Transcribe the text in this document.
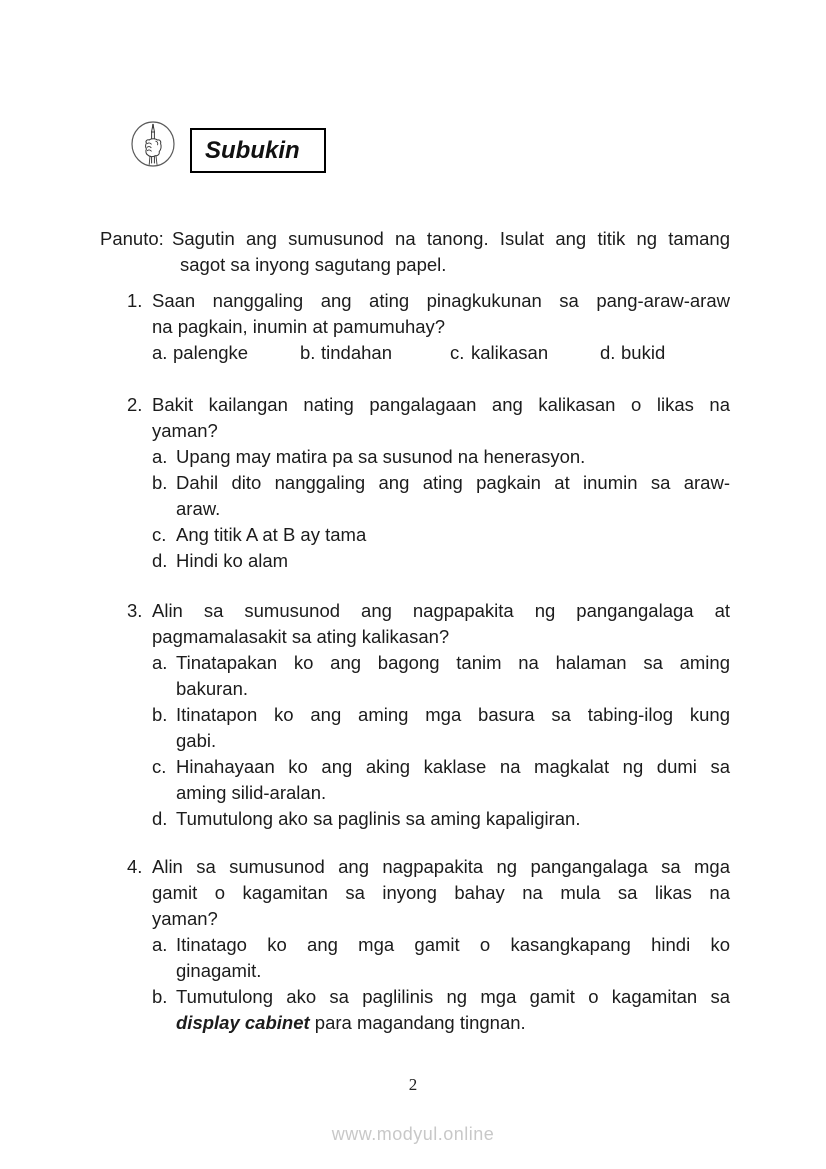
Subukin
Panuto: Sagutin ang sumusunod na tanong. Isulat ang titik ng tamang
sagot sa inyong sagutang papel.
1. Saan nanggaling ang ating pinagkukunan sa pang-araw-araw
na pagkain, inumin at pamumuhay?
a. palengke	b. tindahan	c. kalikasan	d. bukid
2. Bakit kailangan nating pangalagaan ang kalikasan o likas na
yaman?
a. Upang may matira pa sa susunod na henerasyon.
b. Dahil dito nanggaling ang ating pagkain at inumin sa araw-
araw.
c. Ang titik A at B ay tama
d. Hindi ko alam
3. Alin sa sumusunod ang nagpapakita ng pangangalaga at
pagmamalasakit sa ating kalikasan?
a. Tinatapakan ko ang bagong tanim na halaman sa aming
bakuran.
b. Itinatapon ko ang aming mga basura sa tabing-ilog kung
gabi.
c. Hinahayaan ko ang aking kaklase na magkalat ng dumi sa
aming silid-aralan.
d. Tumutulong ako sa paglinis sa aming kapaligiran.
4. Alin sa sumusunod ang nagpapakita ng pangangalaga sa mga
gamit o kagamitan sa inyong bahay na mula sa likas na
yaman?
a. Itinatago ko ang mga gamit o kasangkapang hindi ko
ginagamit.
b. Tumutulong ako sa paglilinis ng mga gamit o kagamitan sa
display cabinet para magandang tingnan.
2
www.modyul.online
